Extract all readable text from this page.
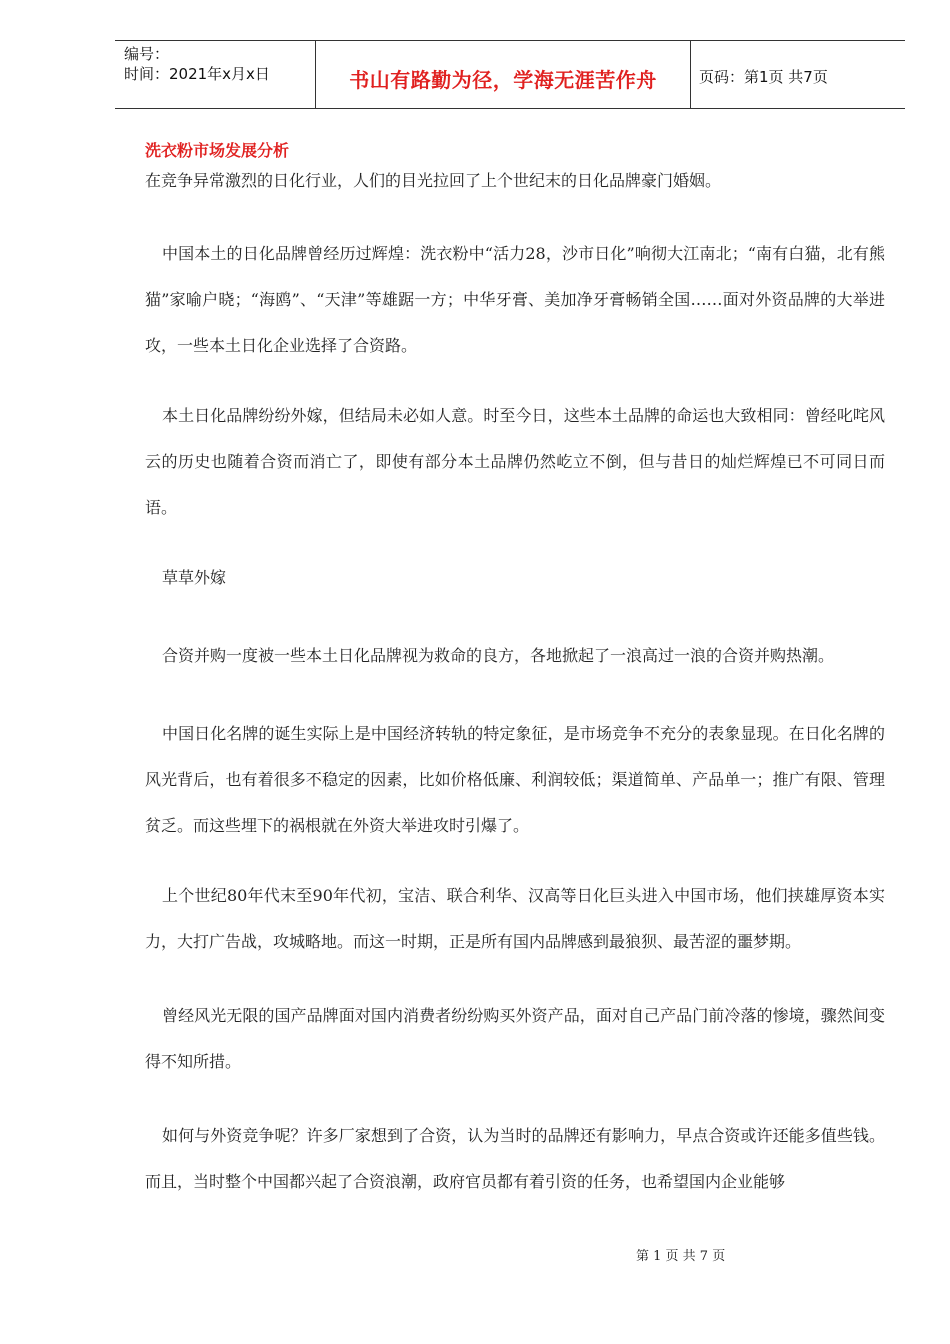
编号：
时间：2021年x月x日	书山有路勤为径，学海无涯苦作舟	页码：第1页 共7页
洗衣粉市场发展分析

在竞争异常激烈的日化行业，人们的目光拉回了上个世纪末的日化品牌豪门婚姻。

中国本土的日化品牌曾经历过辉煌：洗衣粉中“活力28，沙市日化”响彻大江南北；“南有白猫，北有熊猫”家喻户晓；“海鸥”、“天津”等雄踞一方；中华牙膏、美加净牙膏畅销全国……面对外资品牌的大举进攻，一些本土日化企业选择了合资路。

本土日化品牌纷纷外嫁，但结局未必如人意。时至今日，这些本土品牌的命运也大致相同：曾经叱咤风云的历史也随着合资而消亡了，即使有部分本土品牌仍然屹立不倒，但与昔日的灿烂辉煌已不可同日而语。

草草外嫁

合资并购一度被一些本土日化品牌视为救命的良方，各地掀起了一浪高过一浪的合资并购热潮。

中国日化名牌的诞生实际上是中国经济转轨的特定象征，是市场竞争不充分的表象显现。在日化名牌的风光背后，也有着很多不稳定的因素，比如价格低廉、利润较低；渠道简单、产品单一；推广有限、管理贫乏。而这些埋下的祸根就在外资大举进攻时引爆了。

上个世纪80年代末至90年代初，宝洁、联合利华、汉高等日化巨头进入中国市场，他们挟雄厚资本实力，大打广告战，攻城略地。而这一时期，正是所有国内品牌感到最狼狈、最苦涩的噩梦期。

曾经风光无限的国产品牌面对国内消费者纷纷购买外资产品，面对自己产品门前冷落的惨境，骤然间变得不知所措。

如何与外资竞争呢？许多厂家想到了合资，认为当时的品牌还有影响力，早点合资或许还能多值些钱。而且，当时整个中国都兴起了合资浪潮，政府官员都有着引资的任务，也希望国内企业能够

第 1 页 共 7 页
